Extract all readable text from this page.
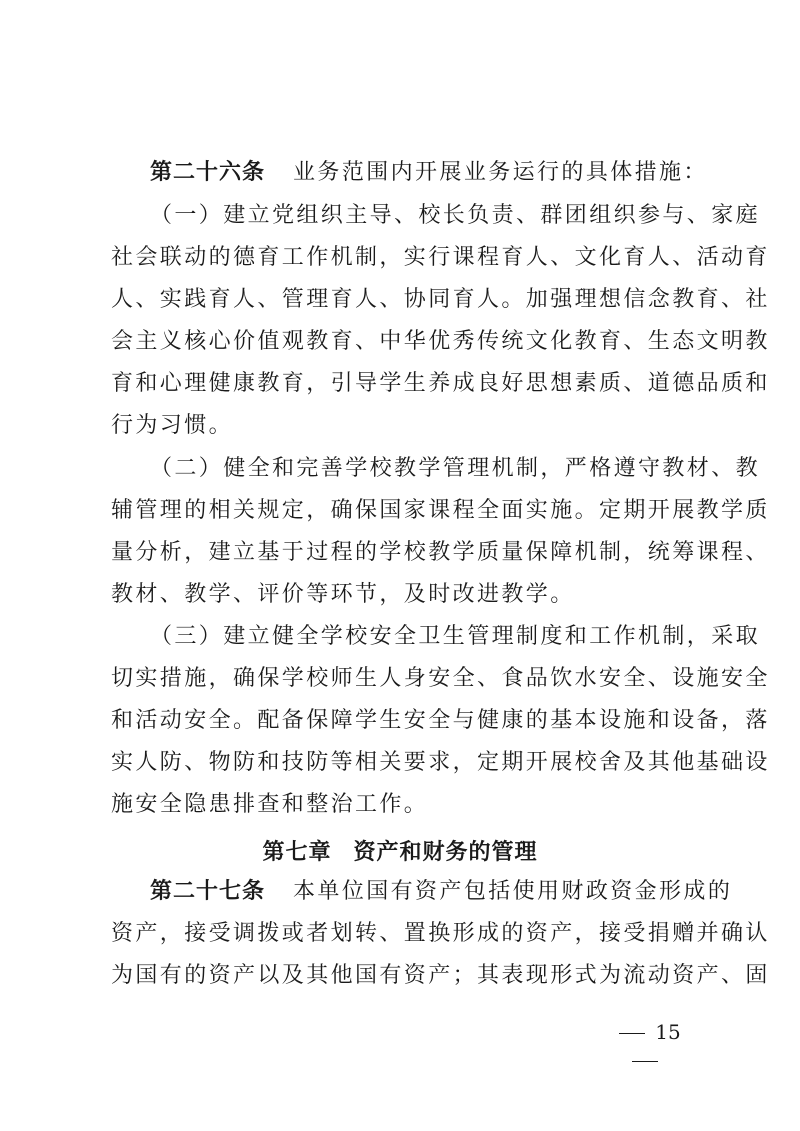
第二十六条 业务范围内开展业务运行的具体措施：
（一）建立党组织主导、校长负责、群团组织参与、家庭
社会联动的德育工作机制，实行课程育人、文化育人、活动育
人、实践育人、管理育人、协同育人。加强理想信念教育、社
会主义核心价值观教育、中华优秀传统文化教育、生态文明教
育和心理健康教育，引导学生养成良好思想素质、道德品质和
行为习惯。
（二）健全和完善学校教学管理机制，严格遵守教材、教
辅管理的相关规定，确保国家课程全面实施。定期开展教学质
量分析，建立基于过程的学校教学质量保障机制，统筹课程、
教材、教学、评价等环节，及时改进教学。
（三）建立健全学校安全卫生管理制度和工作机制，采取
切实措施，确保学校师生人身安全、食品饮水安全、设施安全
和活动安全。配备保障学生安全与健康的基本设施和设备，落
实人防、物防和技防等相关要求，定期开展校舍及其他基础设
施安全隐患排查和整治工作。
第七章 资产和财务的管理
第二十七条 本单位国有资产包括使用财政资金形成的
资产，接受调拨或者划转、置换形成的资产，接受捐赠并确认
为国有的资产以及其他国有资产；其表现形式为流动资产、固
15
